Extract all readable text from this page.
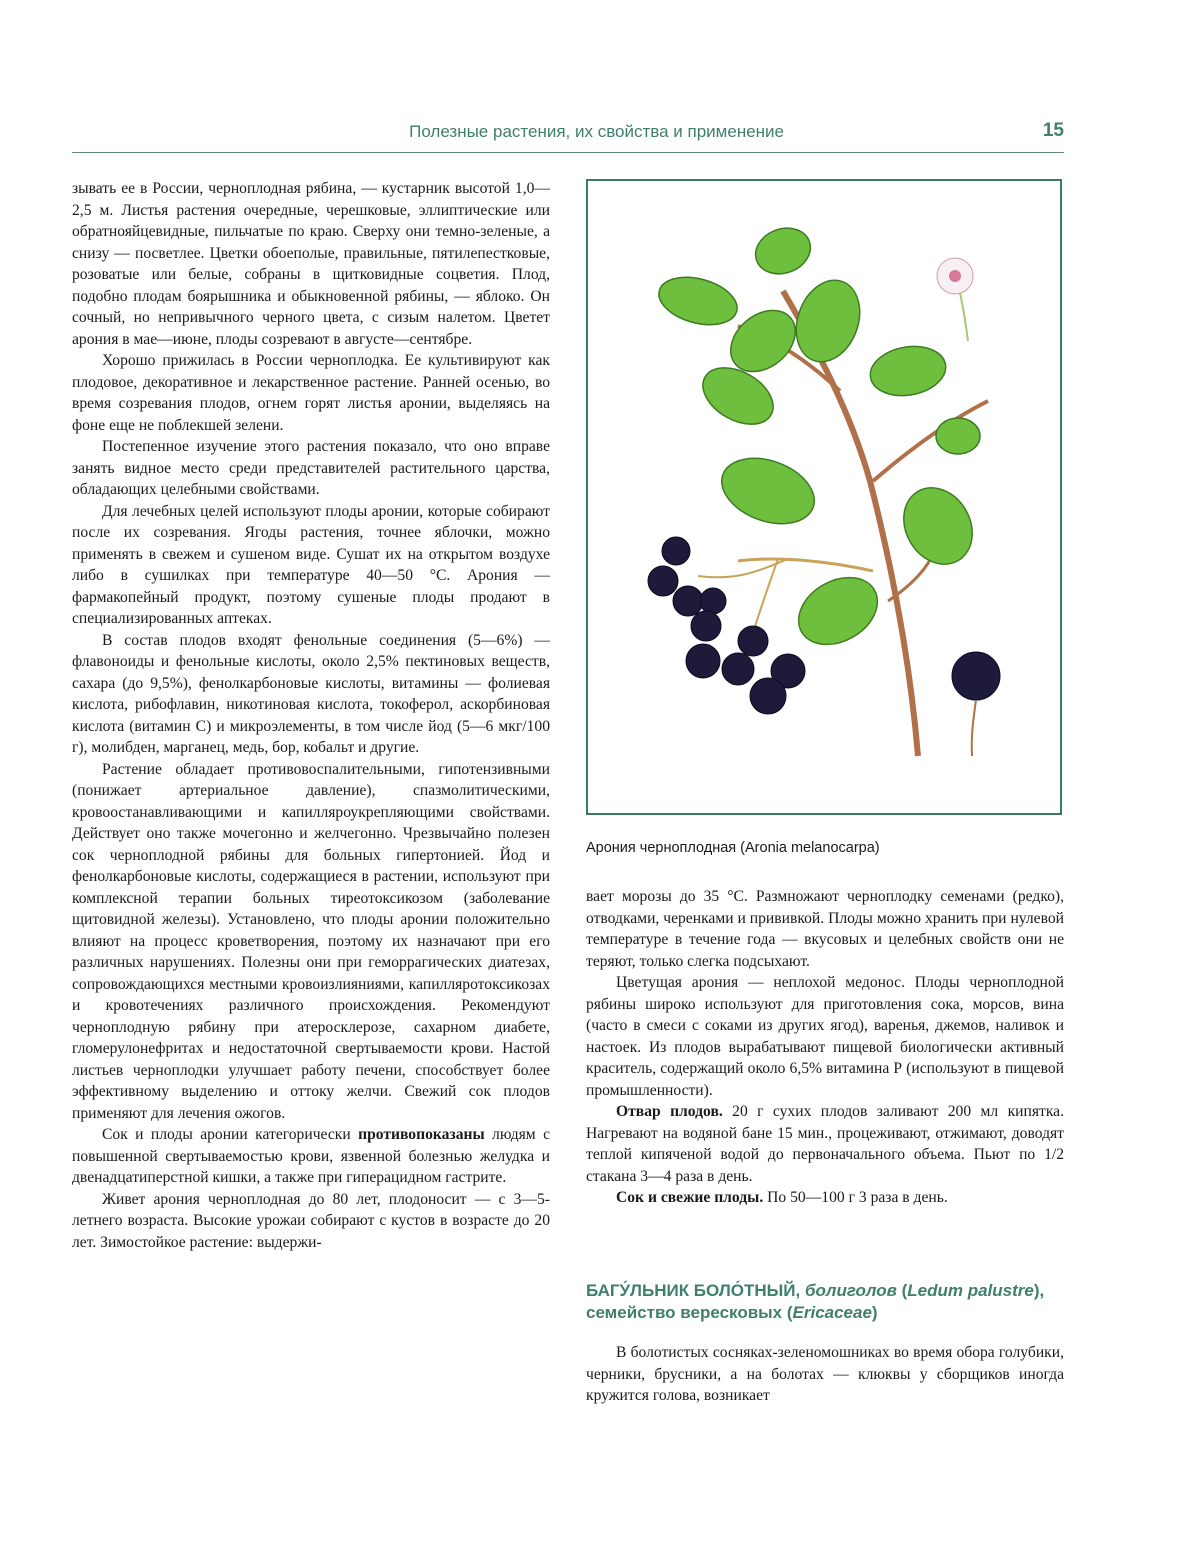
Полезные растения, их свойства и применение	15

зывать ее в России, черноплодная рябина, — кустарник высотой 1,0—2,5 м. Листья растения очередные, черешковые, эллиптические или обратнояйцевидные, пильчатые по краю. Сверху они темно-зеленые, а снизу — посветлее. Цветки обоеполые, правильные, пятилепестковые, розоватые или белые, собраны в щитковидные соцветия. Плод, подобно плодам боярышника и обыкновенной рябины, — яблоко. Он сочный, но непривычного черного цвета, с сизым налетом. Цветет арония в мае—июне, плоды созревают в августе—сентябре.

Хорошо прижилась в России черноплодка. Ее культивируют как плодовое, декоративное и лекарственное растение. Ранней осенью, во время созревания плодов, огнем горят листья аронии, выделяясь на фоне еще не поблекшей зелени.

Постепенное изучение этого растения показало, что оно вправе занять видное место среди представителей растительного царства, обладающих целебными свойствами.

Для лечебных целей используют плоды аронии, которые собирают после их созревания. Ягоды растения, точнее яблочки, можно применять в свежем и сушеном виде. Сушат их на открытом воздухе либо в сушилках при температуре 40—50 °С. Арония — фармакопейный продукт, поэтому сушеные плоды продают в специализированных аптеках.

В состав плодов входят фенольные соединения (5—6%) — флавоноиды и фенольные кислоты, около 2,5% пектиновых веществ, сахара (до 9,5%), фенолкарбоновые кислоты, витамины — фолиевая кислота, рибофлавин, никотиновая кислота, токоферол, аскорбиновая кислота (витамин С) и микроэлементы, в том числе йод (5—6 мкг/100 г), молибден, марганец, медь, бор, кобальт и другие.

Растение обладает противовоспалительными, гипотензивными (понижает артериальное давление), спазмолитическими, кровоостанавливающими и капилляроукрепляющими свойствами. Действует оно также мочегонно и желчегонно. Чрезвычайно полезен сок черноплодной рябины для больных гипертонией. Йод и фенолкарбоновые кислоты, содержащиеся в растении, используют при комплексной терапии больных тиреотоксикозом (заболевание щитовидной железы). Установлено, что плоды аронии положительно влияют на процесс кроветворения, поэтому их назначают при его различных нарушениях. Полезны они при геморрагических диатезах, сопровождающихся местными кровоизлияниями, капилляротоксикозах и кровотечениях различного происхождения. Рекомендуют черноплодную рябину при атеросклерозе, сахарном диабете, гломерулонефритах и недостаточной свертываемости крови. Настой листьев черноплодки улучшает работу печени, способствует более эффективному выделению и оттоку желчи. Свежий сок плодов применяют для лечения ожогов.

Сок и плоды аронии категорически противопоказаны людям с повышенной свертываемостью крови, язвенной болезнью желудка и двенадцатиперстной кишки, а также при гиперацидном гастрите.

Живет арония черноплодная до 80 лет, плодоносит — с 3—5-летнего возраста. Высокие урожаи собирают с кустов в возрасте до 20 лет. Зимостойкое растение: выдержи-

Арония черноплодная (Aronia melanocarpa)

вает морозы до 35 °С. Размножают черноплодку семенами (редко), отводками, черенками и прививкой. Плоды можно хранить при нулевой температуре в течение года — вкусовых и целебных свойств они не теряют, только слегка подсыхают.

Цветущая арония — неплохой медонос. Плоды черноплодной рябины широко используют для приготовления сока, морсов, вина (часто в смеси с соками из других ягод), варенья, джемов, наливок и настоек. Из плодов вырабатывают пищевой биологически активный краситель, содержащий около 6,5% витамина Р (используют в пищевой промышленности).

Отвар плодов. 20 г сухих плодов заливают 200 мл кипятка. Нагревают на водяной бане 15 мин., процеживают, отжимают, доводят теплой кипяченой водой до первоначального объема. Пьют по 1/2 стакана 3—4 раза в день.

Сок и свежие плоды. По 50—100 г 3 раза в день.

БАГУ́ЛЬНИК БОЛО́ТНЫЙ, болиголов (Ledum palustre), семейство вересковых (Ericaceae)

В болотистых сосняках-зеленомошниках во время обора голубики, черники, брусники, а на болотах — клюквы у сборщиков иногда кружится голова, возникает
